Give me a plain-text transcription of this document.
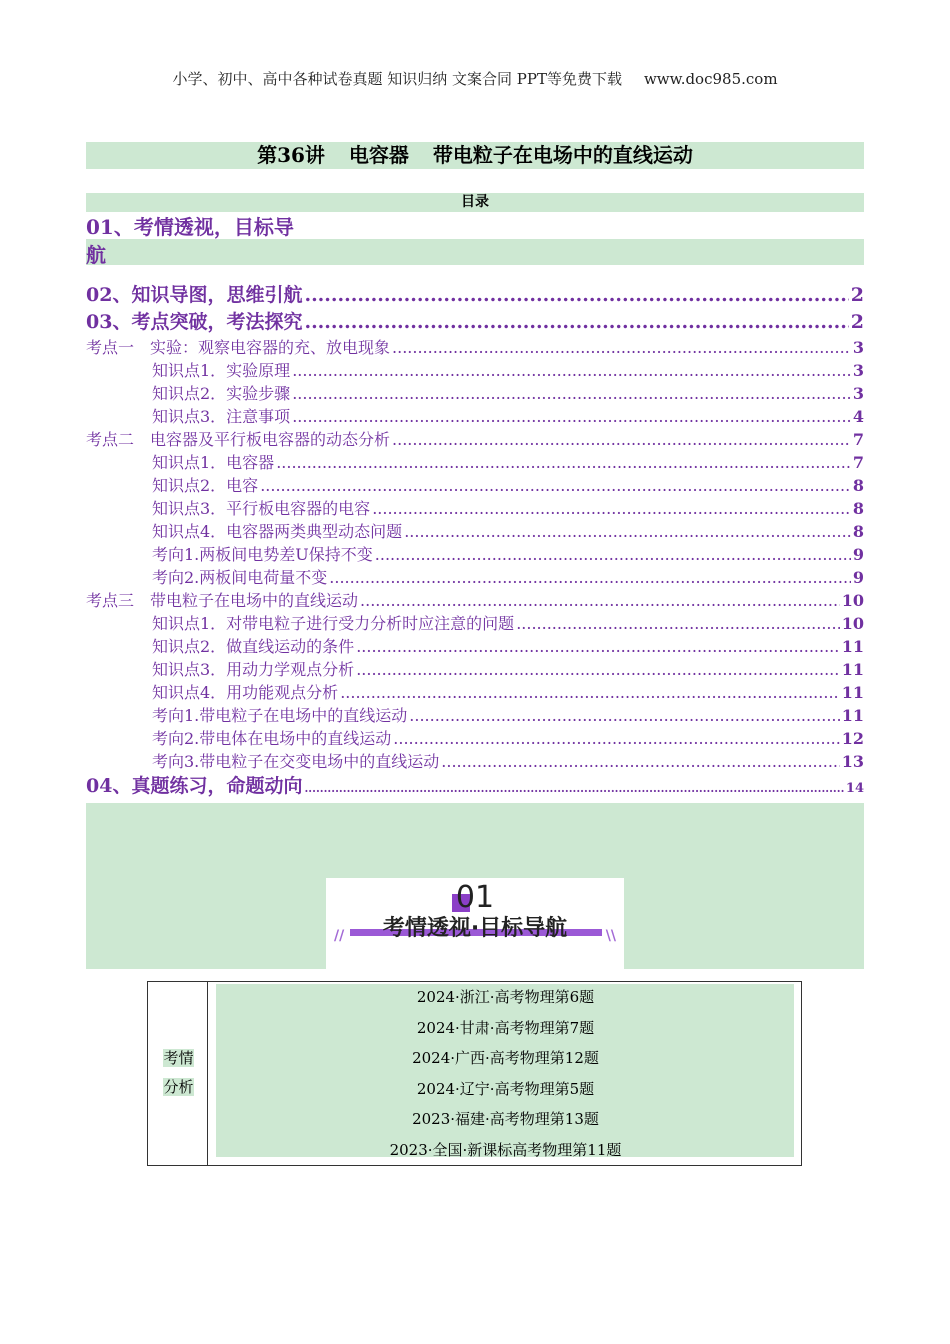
小学、初中、高中各种试卷真题 知识归纳 文案合同 PPT等免费下载 www.doc985.com
第36讲 电容器 带电粒子在电场中的直线运动
目录
01、考情透视，目标导
航
02、知识导图，思维引航 .....	2
03、考点突破，考法探究 .....	2
考点一　实验：观察电容器的充、放电现象 .....	3
知识点1．实验原理 .....	3
知识点2．实验步骤 .....	3
知识点3．注意事项 .....	4
考点二　电容器及平行板电容器的动态分析 .....	7
知识点1．电容器 .....	7
知识点2．电容 .....	8
知识点3．平行板电容器的电容 .....	8
知识点4．电容器两类典型动态问题 .....	8
考向1.两板间电势差U保持不变 .....	9
考向2.两板间电荷量不变 .....	9
考点三　带电粒子在电场中的直线运动 .....	10
知识点1．对带电粒子进行受力分析时应注意的问题 .....	10
知识点2．做直线运动的条件 .....	11
知识点3．用动力学观点分析 .....	11
知识点4．用功能观点分析 .....	11
考向1.带电粒子在电场中的直线运动 .....	11
考向2.带电体在电场中的直线运动 .....	12
考向3.带电粒子在交变电场中的直线运动 .....	13
04、真题练习，命题动向 .....	14
01
//	考情透视·目标导航	\\
考情
分析
2024·浙江·高考物理第6题
2024·甘肃·高考物理第7题
2024·广西·高考物理第12题
2024·辽宁·高考物理第5题
2023·福建·高考物理第13题
2023·全国·新课标高考物理第11题
